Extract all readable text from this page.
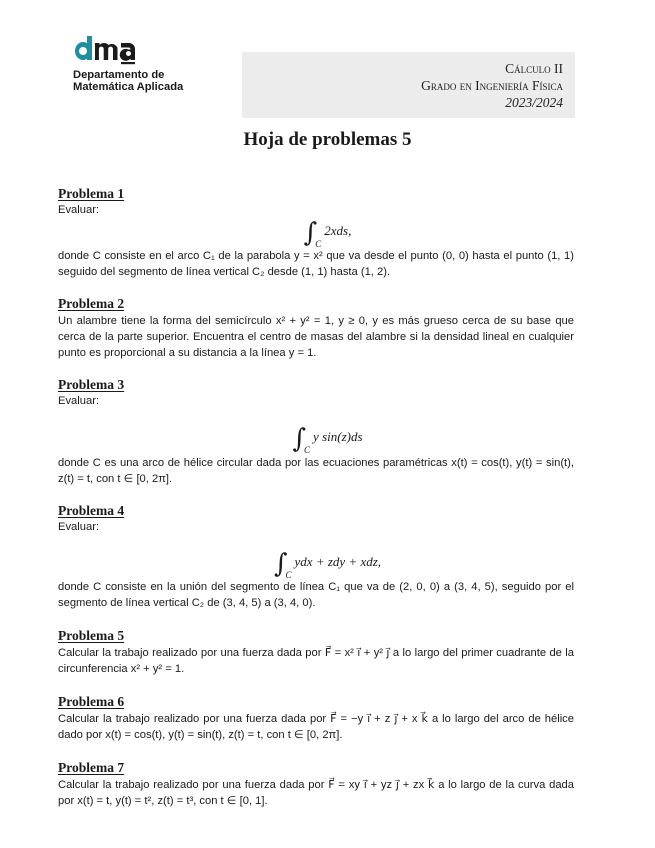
Departamento de
Matemática Aplicada
Cálculo II
Grado en Ingeniería Física
2023/2024
Hoja de problemas 5
Problema 1
Evaluar:
$\int_C2xds$,
donde C consiste en el arco C₁ de la parabola y = x² que va desde el punto (0, 0) hasta el punto (1, 1) seguido del segmento de línea vertical C₂ desde (1, 1) hasta (1, 2).
Problema 2
Un alambre tiene la forma del semicírculo x² + y² = 1, y ≥ 0, y es más grueso cerca de su base que cerca de la parte superior. Encuentra el centro de masas del alambre si la densidad lineal en cualquier punto es proporcional a su distancia a la línea y = 1.
Problema 3
Evaluar:
$\int_Cy$ sin(z)ds
donde C es una arco de hélice circular dada por las ecuaciones paramétricas x(t) = cos(t), y(t) = sin(t), z(t) = t, con t ∈ [0, 2π].
Problema 4
Evaluar:
$\int_Cydx$ + zdy + xdz,
donde C consiste en la unión del segmento de línea C₁ que va de (2, 0, 0) a (3, 4, 5), seguido por el segmento de línea vertical C₂ de (3, 4, 5) a (3, 4, 0).
Problema 5
Calcular la trabajo realizado por una fuerza dada por F⃗ = x² i⃗ + y² j⃗ a lo largo del primer cuadrante de la circunferencia x² + y² = 1.
Problema 6
Calcular la trabajo realizado por una fuerza dada por F⃗ = −y i⃗ + z j⃗ + x k⃗ a lo largo del arco de hélice dado por x(t) = cos(t), y(t) = sin(t), z(t) = t, con t ∈ [0, 2π].
Problema 7
Calcular la trabajo realizado por una fuerza dada por F⃗ = xy i⃗ + yz j⃗ + zx k⃗ a lo largo de la curva dada por x(t) = t, y(t) = t², z(t) = t³, con t ∈ [0, 1].
